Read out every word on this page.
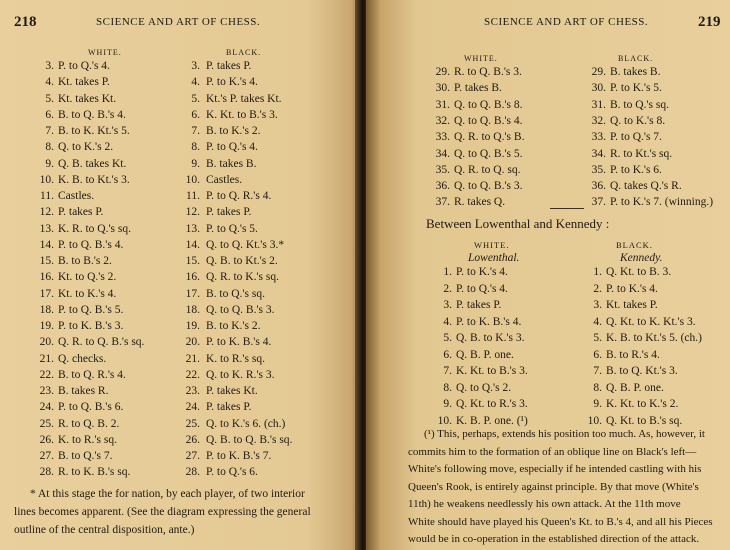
218	SCIENCE AND ART OF CHESS.
WHITE.	BLACK.
3. P. to Q.'s 4.	3. P. takes P.
4. Kt. takes P.	4. P. to K.'s 4.
5. Kt. takes Kt.	5. Kt.'s P. takes Kt.
6. B. to Q. B.'s 4.	6. K. Kt. to B.'s 3.
7. B. to K. Kt.'s 5.	7. B. to K.'s 2.
8. Q. to K.'s 2.	8. P. to Q.'s 4.
9. Q. B. takes Kt.	9. B. takes B.
10. K. B. to Kt.'s 3.	10. Castles.
11. Castles.	11. P. to Q. R.'s 4.
12. P. takes P.	12. P. takes P.
13. K. R. to Q.'s sq.	13. P. to Q.'s 5.
14. P. to Q. B.'s 4.	14. Q. to Q. Kt.'s 3.*
15. B. to B.'s 2.	15. Q. B. to Kt.'s 2.
16. Kt. to Q.'s 2.	16. Q. R. to K.'s sq.
17. Kt. to K.'s 4.	17. B. to Q.'s sq.
18. P. to Q. B.'s 5.	18. Q. to Q. B.'s 3.
19. P. to K. B.'s 3.	19. B. to K.'s 2.
20. Q. R. to Q. B.'s sq.	20. P. to K. B.'s 4.
21. Q. checks.	21. K. to R.'s sq.
22. B. to Q. R.'s 4.	22. Q. to K. R.'s 3.
23. B. takes R.	23. P. takes Kt.
24. P. to Q. B.'s 6.	24. P. takes P.
25. R. to Q. B. 2.	25. Q. to K.'s 6. (ch.)
26. K. to R.'s sq.	26. Q. B. to Q. B.'s sq.
27. B. to Q.'s 7.	27. P. to K. B.'s 7.
28. R. to K. B.'s sq.	28. P. to Q.'s 6.
* At this stage the for nation, by each player, of two interior
lines becomes apparent. (See the diagram expressing the general
outline of the central disposition, ante.)
SCIENCE AND ART OF CHESS.	219
WHITE.	BLACK.
29. R. to Q. B.'s 3.	29. B. takes B.
30. P. takes B.	30. P. to K.'s 5.
31. Q. to Q. B.'s 8.	31. B. to Q.'s sq.
32. Q. to Q. B.'s 4.	32. Q. to K.'s 8.
33. Q. R. to Q.'s B.	33. P. to Q.'s 7.
34. Q. to Q. B.'s 5.	34. R. to Kt.'s sq.
35. Q. R. to Q. sq.	35. P. to K.'s 6.
36. Q. to Q. B.'s 3.	36. Q. takes Q.'s R.
37. R. takes Q.	37. P. to K.'s 7. (winning.)
Between Lowenthal and Kennedy :
WHITE.	BLACK.
Lowenthal.	Kennedy.
1. P. to K.'s 4.	1. Q. Kt. to B. 3.
2. P. to Q.'s 4.	2. P. to K.'s 4.
3. P. takes P.	3. Kt. takes P.
4. P. to K. B.'s 4.	4. Q. Kt. to K. Kt.'s 3.
5. Q. B. to K.'s 3.	5. K. B. to Kt.'s 5. (ch.)
6. Q. B. P. one.	6. B. to R.'s 4.
7. K. Kt. to B.'s 3.	7. B. to Q. Kt.'s 3.
8. Q. to Q.'s 2.	8. Q. B. P. one.
9. Q. Kt. to R.'s 3.	9. K. Kt. to K.'s 2.
10. K. B. P. one. (¹)	10. Q. Kt. to B.'s sq.
(¹) This, perhaps, extends his position too much. As, however, it
commits him to the formation of an oblique line on Black's left—
White's following move, especially if he intended castling with his
Queen's Rook, is entirely against principle. By that move (White's
11th) he weakens needlessly his own attack. At the 11th move
White should have played his Queen's Kt. to B.'s 4, and all his Pieces
would be in co-operation in the established direction of the attack.
